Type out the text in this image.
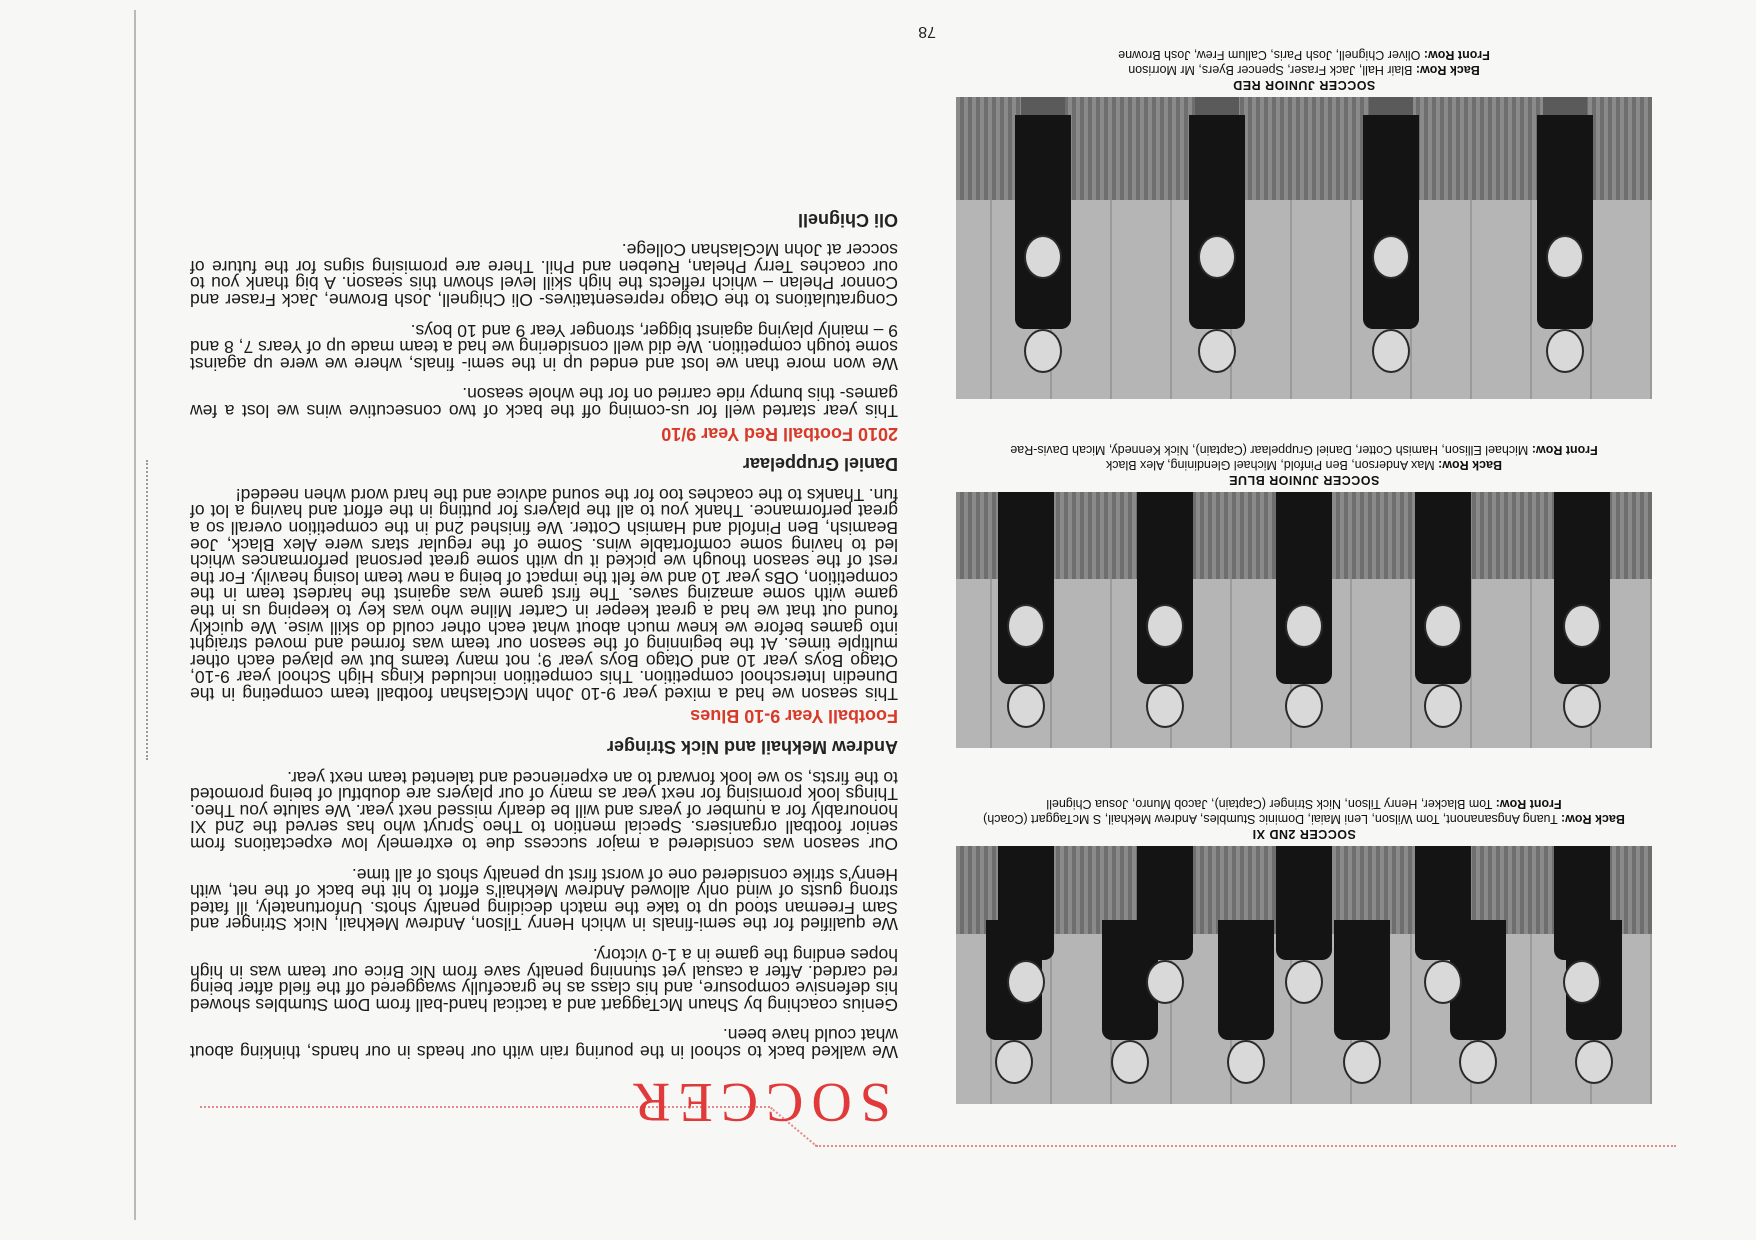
SOCCER
SOCCER 2ND XI
Back Row: Tuang Angsananont, Tom Wilson, Leni Maiai, Dominic Stumbles, Andrew Mekhail, S McTaggart (Coach)
Front Row: Tom Blacker, Henry Tilson, Nick Stringer (Captain), Jacob Munro, Josua Chignell
SOCCER JUNIOR BLUE
Back Row: Max Anderson, Ben Pinfold, Michael Glendining, Alex Black
Front Row: Michael Ellison, Hamish Cotter, Daniel Gruppelaar (Captain), Nick Kennedy, Micah Davis-Rae
SOCCER JUNIOR RED
Back Row: Blair Hall, Jack Fraser, Spencer Byers, Mr Morrison
Front Row: Oliver Chignell, Josh Paris, Callum Frew, Josh Browne

We walked back to school in the pouring rain with our heads in our hands, thinking about what could have been.

Genius coaching by Shaun McTaggart and a tactical hand-ball from Dom Stumbles showed his defensive composure, and his class as he gracefully swaggered off the field after being red carded. After a casual yet stunning penalty save from Nic Brice our team was in high hopes ending the game in a 1-0 victory.

We qualified for the semi-finals in which Henry Tilson, Andrew Mekhail, Nick Stringer and Sam Freeman stood up to take the match deciding penalty shots. Unfortunately, ill fated strong gusts of wind only allowed Andrew Mekhail's effort to hit the back of the net, with Henry's strike considered one of worst first up penalty shots of all time.

Our season was considered a major success due to extremely low expectations from senior football organisers. Special mention to Theo Spruyt who has served the 2nd XI honourably for a number of years and will be dearly missed next year. We salute you Theo. Things look promising for next year as many of our players are doubtful of being promoted to the firsts, so we look forward to an experienced and talented team next year.

Andrew Mekhail and Nick Stringer
Football Year 9-10 Blues

This season we had a mixed year 9-10 John McGlashan football team competing in the Dunedin Interschool competition. This competition included Kings High School year 9-10, Otago Boys year 10 and Otago Boys year 9; not many teams but we played each other multiple times. At the beginning of the season our team was formed and moved straight into games before we knew much about what each other could do skill wise. We quickly found out that we had a great keeper in Carter Milne who was key to keeping us in the game with some amazing saves. The first game was against the hardest team in the competition, OBs year 10 and we felt the impact of being a new team losing heavily. For the rest of the season though we picked it up with some great personal performances which led to having some comfortable wins. Some of the regular stars were Alex Black, Joe Beamish, Ben Pinfold and Hamish Cotter. We finished 2nd in the competition overall so a great performance. Thank you to all the players for putting in the effort and having a lot of fun. Thanks to the coaches too for the sound advice and the hard word when needed!

Daniel Gruppelaar
2010 Football Red Year 9/10

This year started well for us-coming off the back of two consecutive wins we lost a few games- this bumpy ride carried on for the whole season.

We won more than we lost and ended up in the semi- finals, where we were up against some tough competition. We did well considering we had a team made up of Years 7, 8 and 9 – mainly playing against bigger, stronger Year 9 and 10 boys.

Congratulations to the Otago representatives- Oli Chignell, Josh Browne, Jack Fraser and Connor Phelan – which reflects the high skill level shown this season. A big thank you to our coaches Terry Phelan, Rueben and Phil. There are promising signs for the future of soccer at John McGlashan College.

Oli Chignell
78
